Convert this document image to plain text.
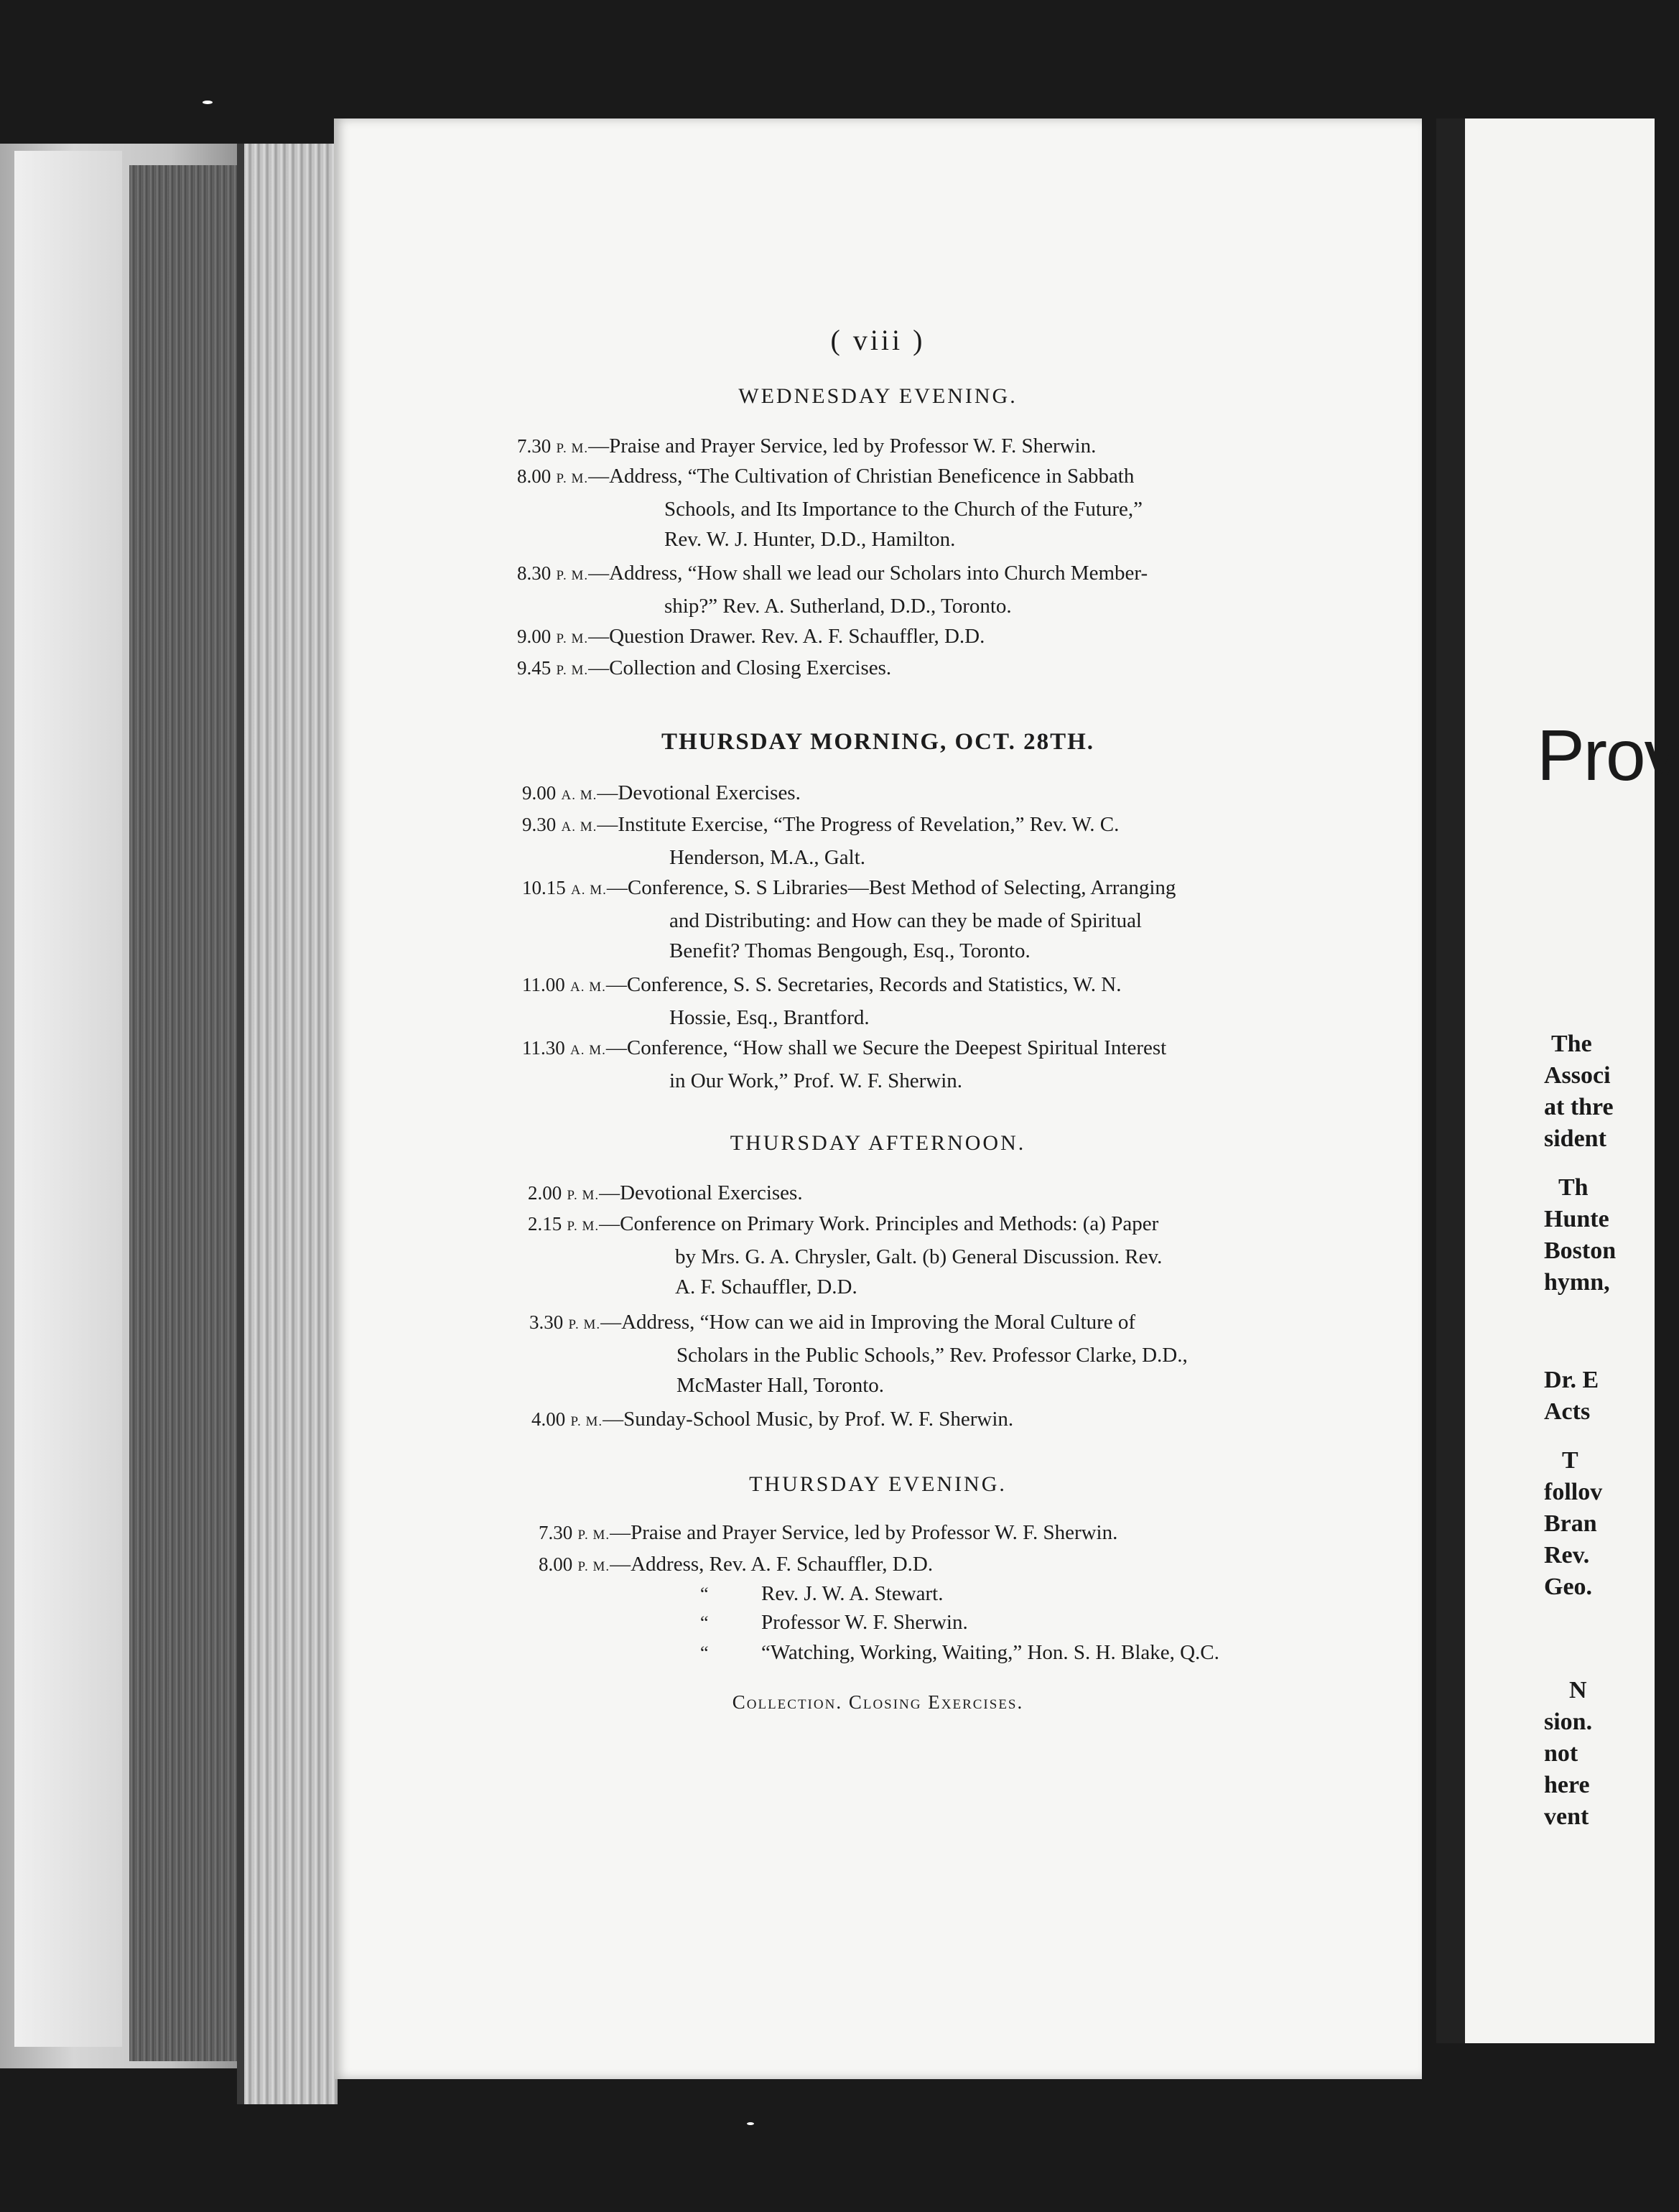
Prov
The
Associ
at thre
sident
Th
Hunte
Boston
hymn,
Dr. E
Acts
T
follov
Bran
Rev.
Geo.
N
sion.
not
here
vent
( viii )
WEDNESDAY EVENING.
7.30 P. M.—Praise and Prayer Service, led by Professor W. F. Sherwin.
8.00 P. M.—Address, “The Cultivation of Christian Beneficence in Sabbath
Schools, and Its Importance to the Church of the Future,”
Rev. W. J. Hunter, D.D., Hamilton.
8.30 P. M.—Address, “How shall we lead our Scholars into Church Member-
ship?” Rev. A. Sutherland, D.D., Toronto.
9.00 P. M.—Question Drawer. Rev. A. F. Schauffler, D.D.
9.45 P. M.—Collection and Closing Exercises.
THURSDAY MORNING, OCT. 28TH.
9.00 A. M.—Devotional Exercises.
9.30 A. M.—Institute Exercise, “The Progress of Revelation,” Rev. W. C.
Henderson, M.A., Galt.
10.15 A. M.—Conference, S. S Libraries—Best Method of Selecting, Arranging
and Distributing: and How can they be made of Spiritual
Benefit? Thomas Bengough, Esq., Toronto.
11.00 A. M.—Conference, S. S. Secretaries, Records and Statistics, W. N.
Hossie, Esq., Brantford.
11.30 A. M.—Conference, “How shall we Secure the Deepest Spiritual Interest
in Our Work,” Prof. W. F. Sherwin.
THURSDAY AFTERNOON.
2.00 P. M.—Devotional Exercises.
2.15 P. M.—Conference on Primary Work. Principles and Methods: (a) Paper
by Mrs. G. A. Chrysler, Galt. (b) General Discussion. Rev.
A. F. Schauffler, D.D.
3.30 P. M.—Address, “How can we aid in Improving the Moral Culture of
Scholars in the Public Schools,” Rev. Professor Clarke, D.D.,
McMaster Hall, Toronto.
4.00 P. M.—Sunday-School Music, by Prof. W. F. Sherwin.
THURSDAY EVENING.
7.30 P. M.—Praise and Prayer Service, led by Professor W. F. Sherwin.
8.00 P. M.—Address, Rev. A. F. Schauffler, D.D.
“	Rev. J. W. A. Stewart.
“	Professor W. F. Sherwin.
“	“Watching, Working, Waiting,” Hon. S. H. Blake, Q.C.
Collection. Closing Exercises.
